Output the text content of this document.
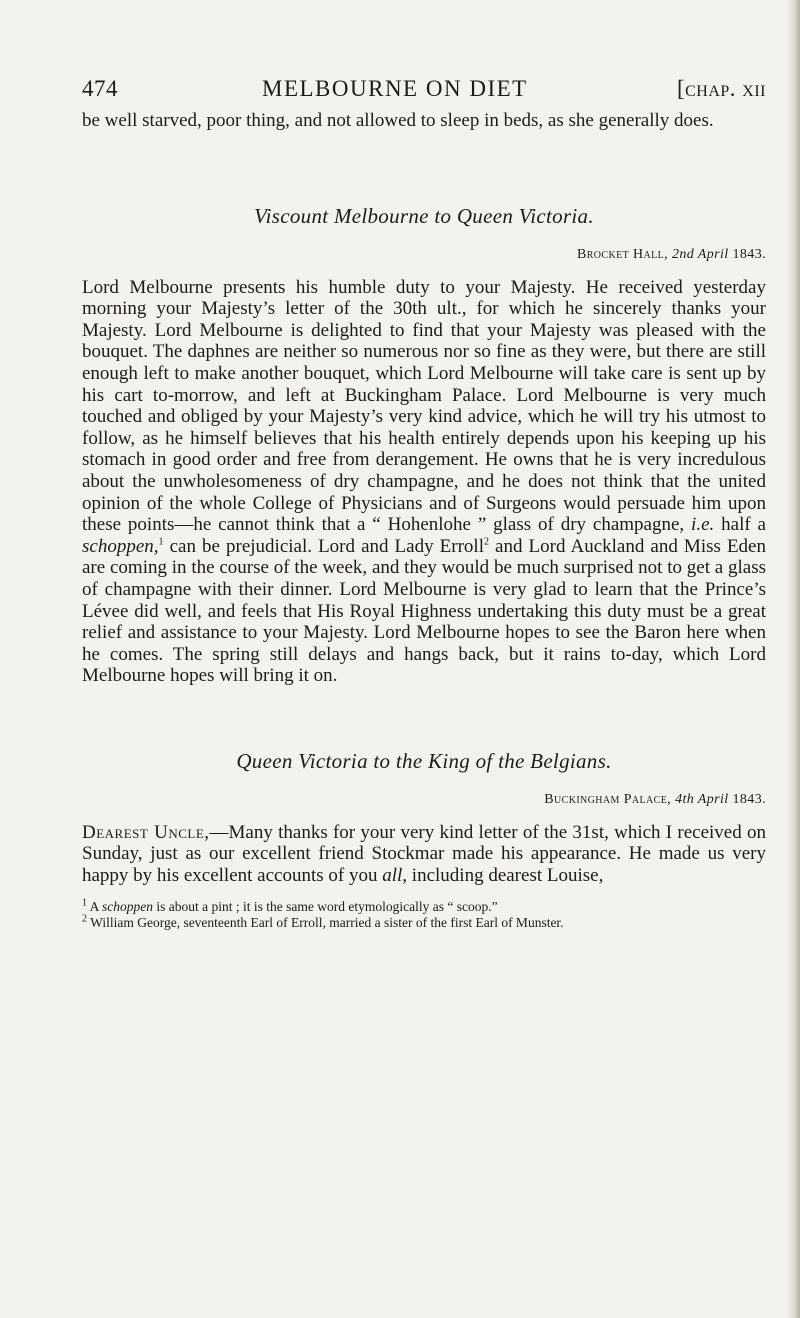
474	MELBOURNE ON DIET	[chap. xii

be well starved, poor thing, and not allowed to sleep in beds, as she generally does.

Viscount Melbourne to Queen Victoria.
Brocket Hall, 2nd April 1843.

Lord Melbourne presents his humble duty to your Majesty. He received yesterday morning your Majesty’s letter of the 30th ult., for which he sincerely thanks your Majesty. Lord Melbourne is delighted to find that your Majesty was pleased with the bouquet. The daphnes are neither so numerous nor so fine as they were, but there are still enough left to make another bouquet, which Lord Melbourne will take care is sent up by his cart to-morrow, and left at Buckingham Palace. Lord Melbourne is very much touched and obliged by your Majesty’s very kind advice, which he will try his utmost to follow, as he himself believes that his health entirely depends upon his keeping up his stomach in good order and free from derangement. He owns that he is very incredulous about the unwholesomeness of dry champagne, and he does not think that the united opinion of the whole College of Physicians and of Surgeons would persuade him upon these points—he cannot think that a “ Hohenlohe ” glass of dry champagne, i.e. half a schoppen,$^1$ can be prejudicial. Lord and Lady Erroll$^2$ and Lord Auckland and Miss Eden are coming in the course of the week, and they would be much surprised not to get a glass of champagne with their dinner. Lord Melbourne is very glad to learn that the Prince’s Lévee did well, and feels that His Royal Highness undertaking this duty must be a great relief and assistance to your Majesty. Lord Melbourne hopes to see the Baron here when he comes. The spring still delays and hangs back, but it rains to-day, which Lord Melbourne hopes will bring it on.

Queen Victoria to the King of the Belgians.
Buckingham Palace, 4th April 1843.

Dearest Uncle,—Many thanks for your very kind letter of the 31st, which I received on Sunday, just as our excellent friend Stockmar made his appearance. He made us very happy by his excellent accounts of you all, including dearest Louise,

$^1$ A schoppen is about a pint ; it is the same word etymologically as “ scoop.”
$^2$ William George, seventeenth Earl of Erroll, married a sister of the first Earl of Munster.
